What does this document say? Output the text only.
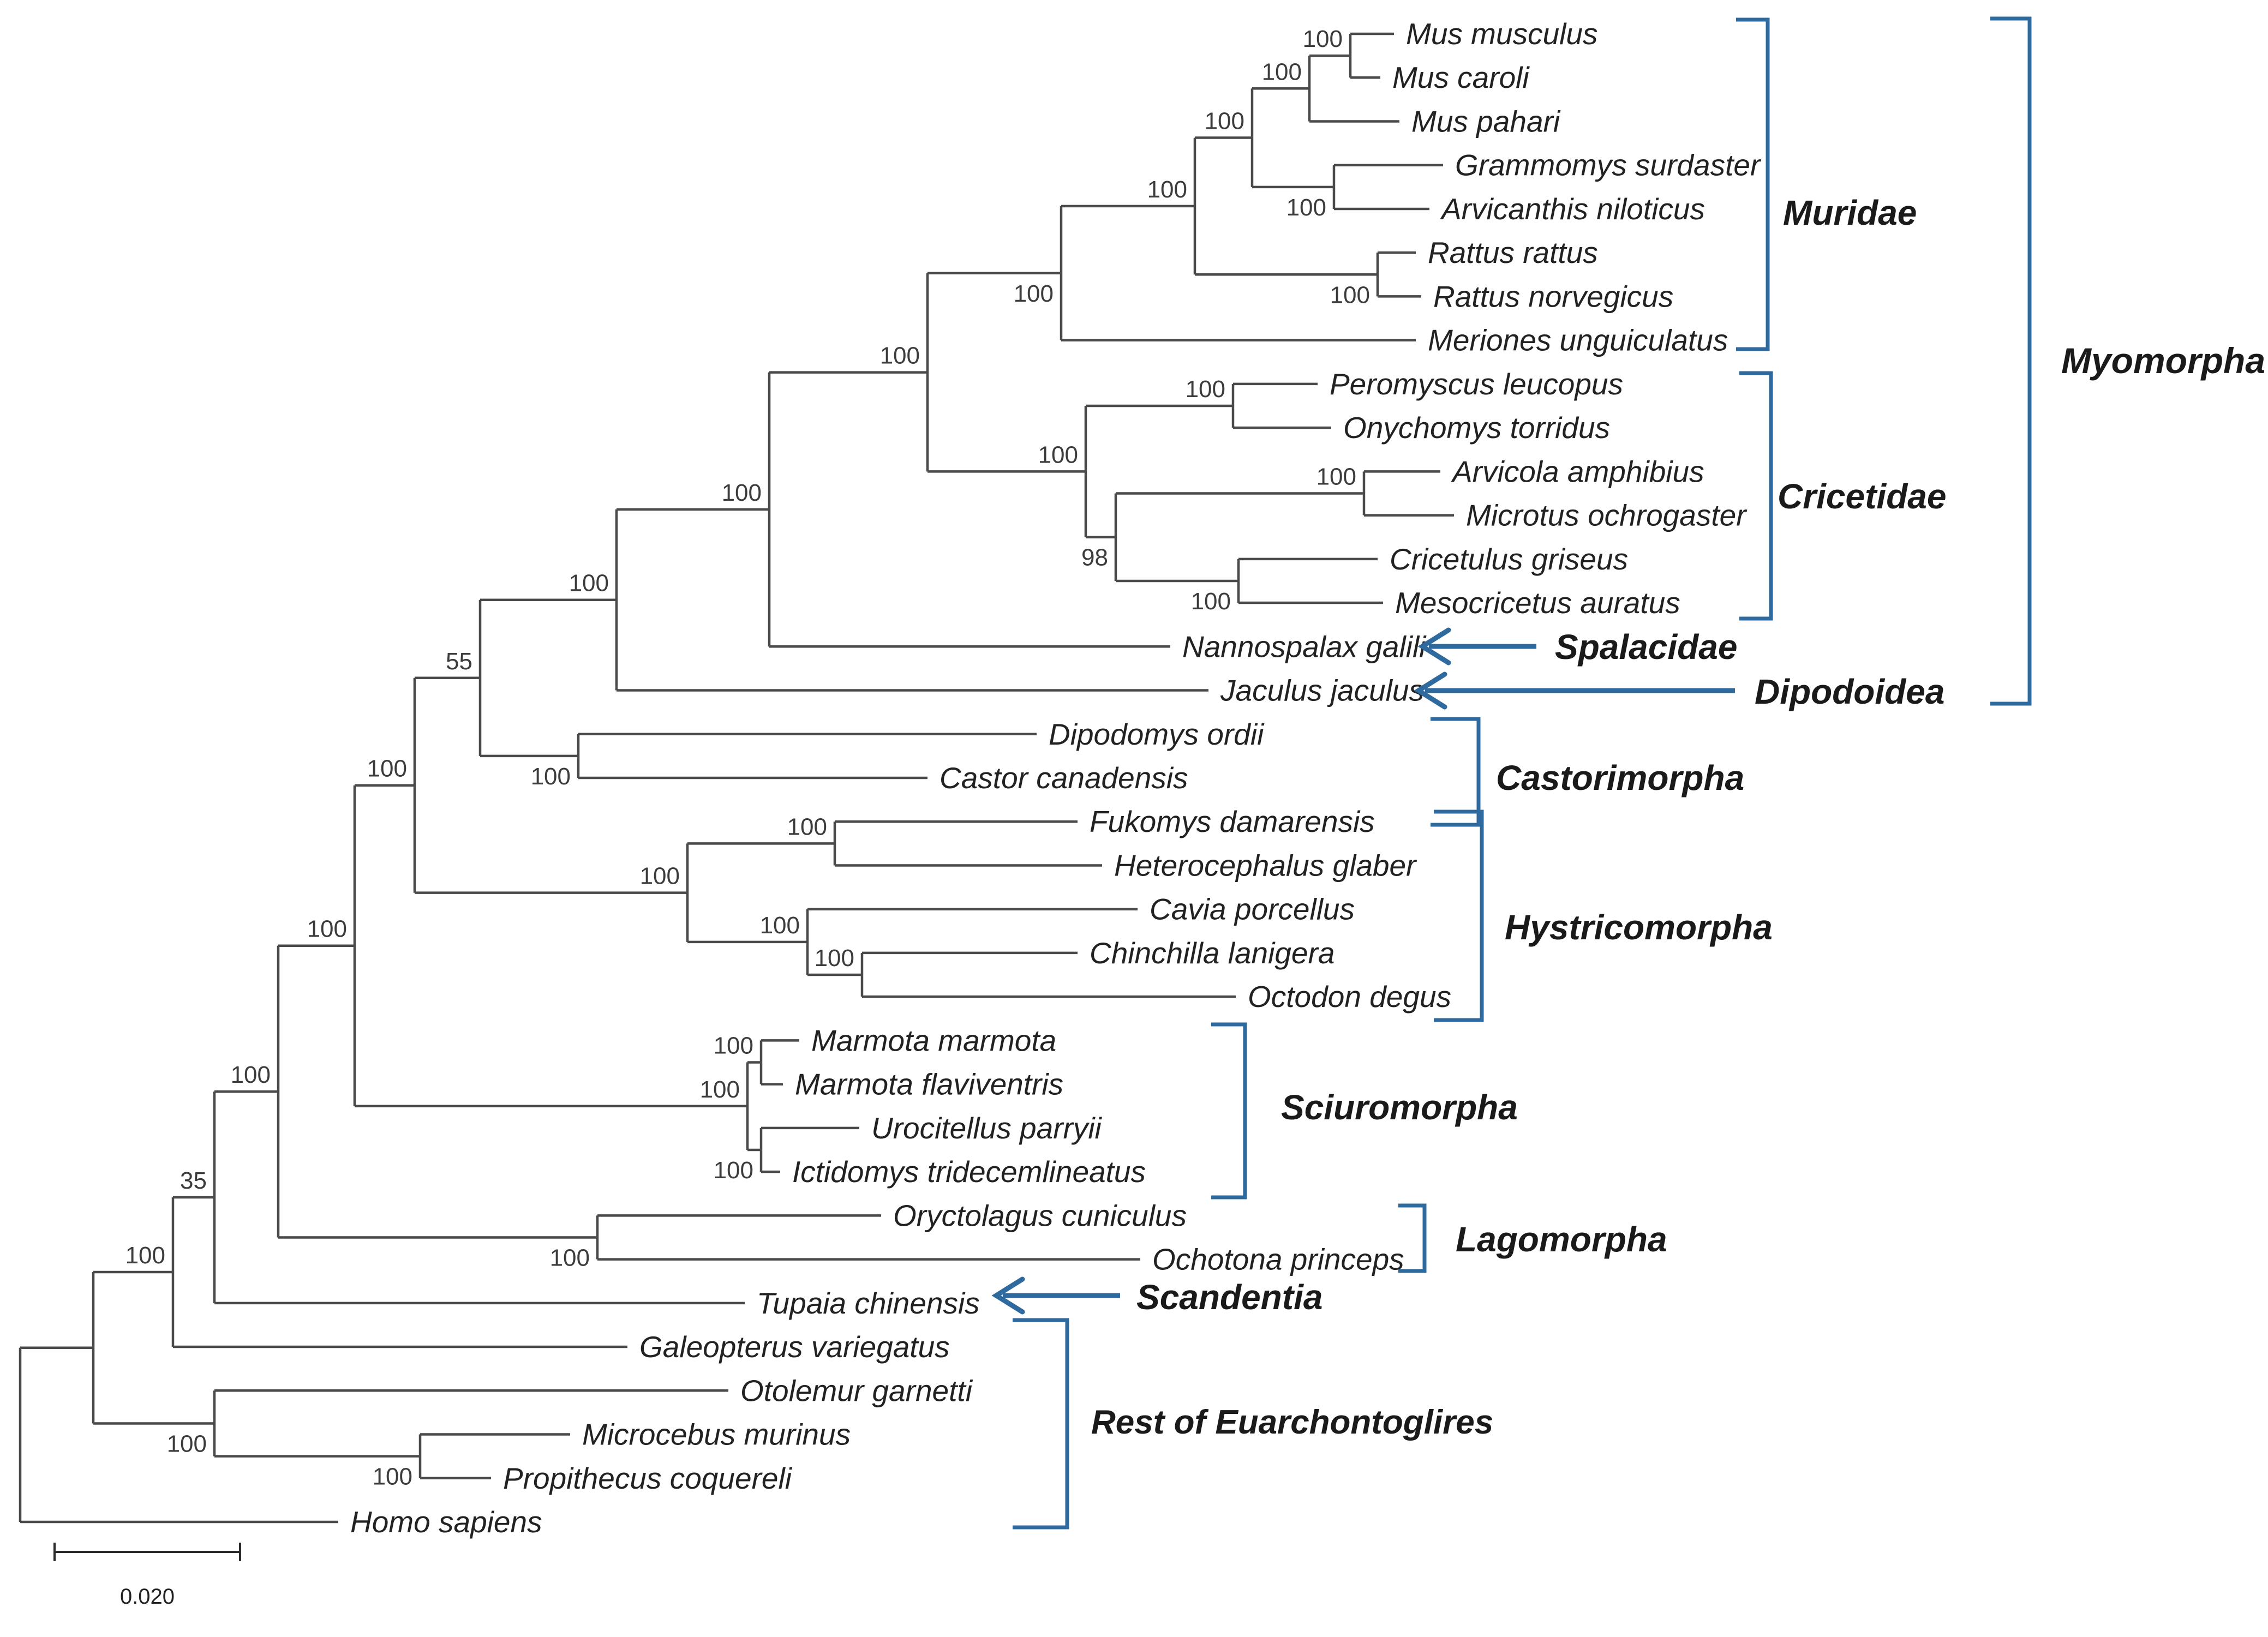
100
35
100
100
100
55
100
100
100
100
100
100
100
100 Mus musculus
Mus caroli
Mus pahari
100
Grammomys surdaster
Arvicanthis niloticus
100
Rattus rattus
Rattus norvegicus
Meriones unguiculatus
100
100	Peromyscus leucopus
Onychomys torridus
98
100	Arvicola amphibius
Microtus ochrogaster
100
Cricetulus griseus
Mesocricetus auratus
Nannospalax galili
Jaculus jaculus
100
Dipodomys ordii
Castor canadensis
100
100	Fukomys damarensis
Heterocephalus glaber
100	Cavia porcellus
100	Chinchilla lanigera
Octodon degus
100
100 Marmota marmota
Marmota flaviventris
100
Urocitellus parryii
Ictidomys tridecemlineatus
100
Oryctolagus cuniculus
Ochotona princeps
Tupaia chinensis
Galeopterus variegatus
100
Otolemur garnetti
100
Microcebus murinus
Propithecus coquereli
Homo sapiens
Muridae
Cricetidae
Myomorpha
Spalacidae
Dipodoidea
Castorimorpha
Hystricomorpha
Sciuromorpha
Lagomorpha
Scandentia
Rest of Euarchontoglires
0.020
